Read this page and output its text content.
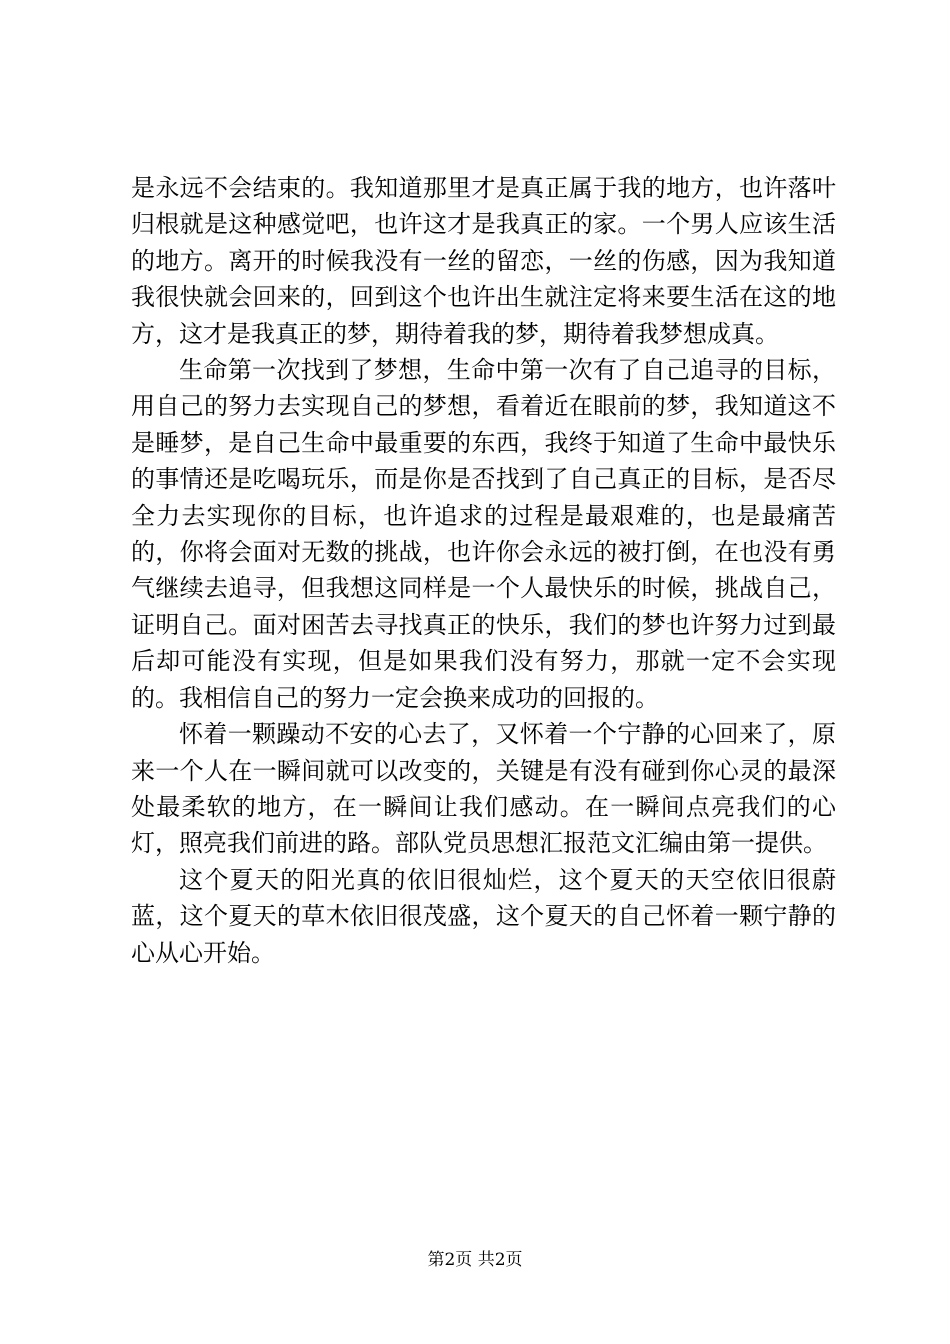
是永远不会结束的。我知道那里才是真正属于我的地方，也许落叶归根就是这种感觉吧，也许这才是我真正的家。一个男人应该生活的地方。离开的时候我没有一丝的留恋，一丝的伤感，因为我知道我很快就会回来的，回到这个也许出生就注定将来要生活在这的地方，这才是我真正的梦，期待着我的梦，期待着我梦想成真。

生命第一次找到了梦想，生命中第一次有了自己追寻的目标，用自己的努力去实现自己的梦想，看着近在眼前的梦，我知道这不是睡梦，是自己生命中最重要的东西，我终于知道了生命中最快乐的事情还是吃喝玩乐，而是你是否找到了自己真正的目标，是否尽全力去实现你的目标，也许追求的过程是最艰难的，也是最痛苦的，你将会面对无数的挑战，也许你会永远的被打倒，在也没有勇气继续去追寻，但我想这同样是一个人最快乐的时候，挑战自己，证明自己。面对困苦去寻找真正的快乐，我们的梦也许努力过到最后却可能没有实现，但是如果我们没有努力，那就一定不会实现的。我相信自己的努力一定会换来成功的回报的。

怀着一颗躁动不安的心去了，又怀着一个宁静的心回来了，原来一个人在一瞬间就可以改变的，关键是有没有碰到你心灵的最深处最柔软的地方，在一瞬间让我们感动。在一瞬间点亮我们的心灯，照亮我们前进的路。部队党员思想汇报范文汇编由第一提供。

这个夏天的阳光真的依旧很灿烂，这个夏天的天空依旧很蔚蓝，这个夏天的草木依旧很茂盛，这个夏天的自己怀着一颗宁静的心从心开始。

第2页 共2页
